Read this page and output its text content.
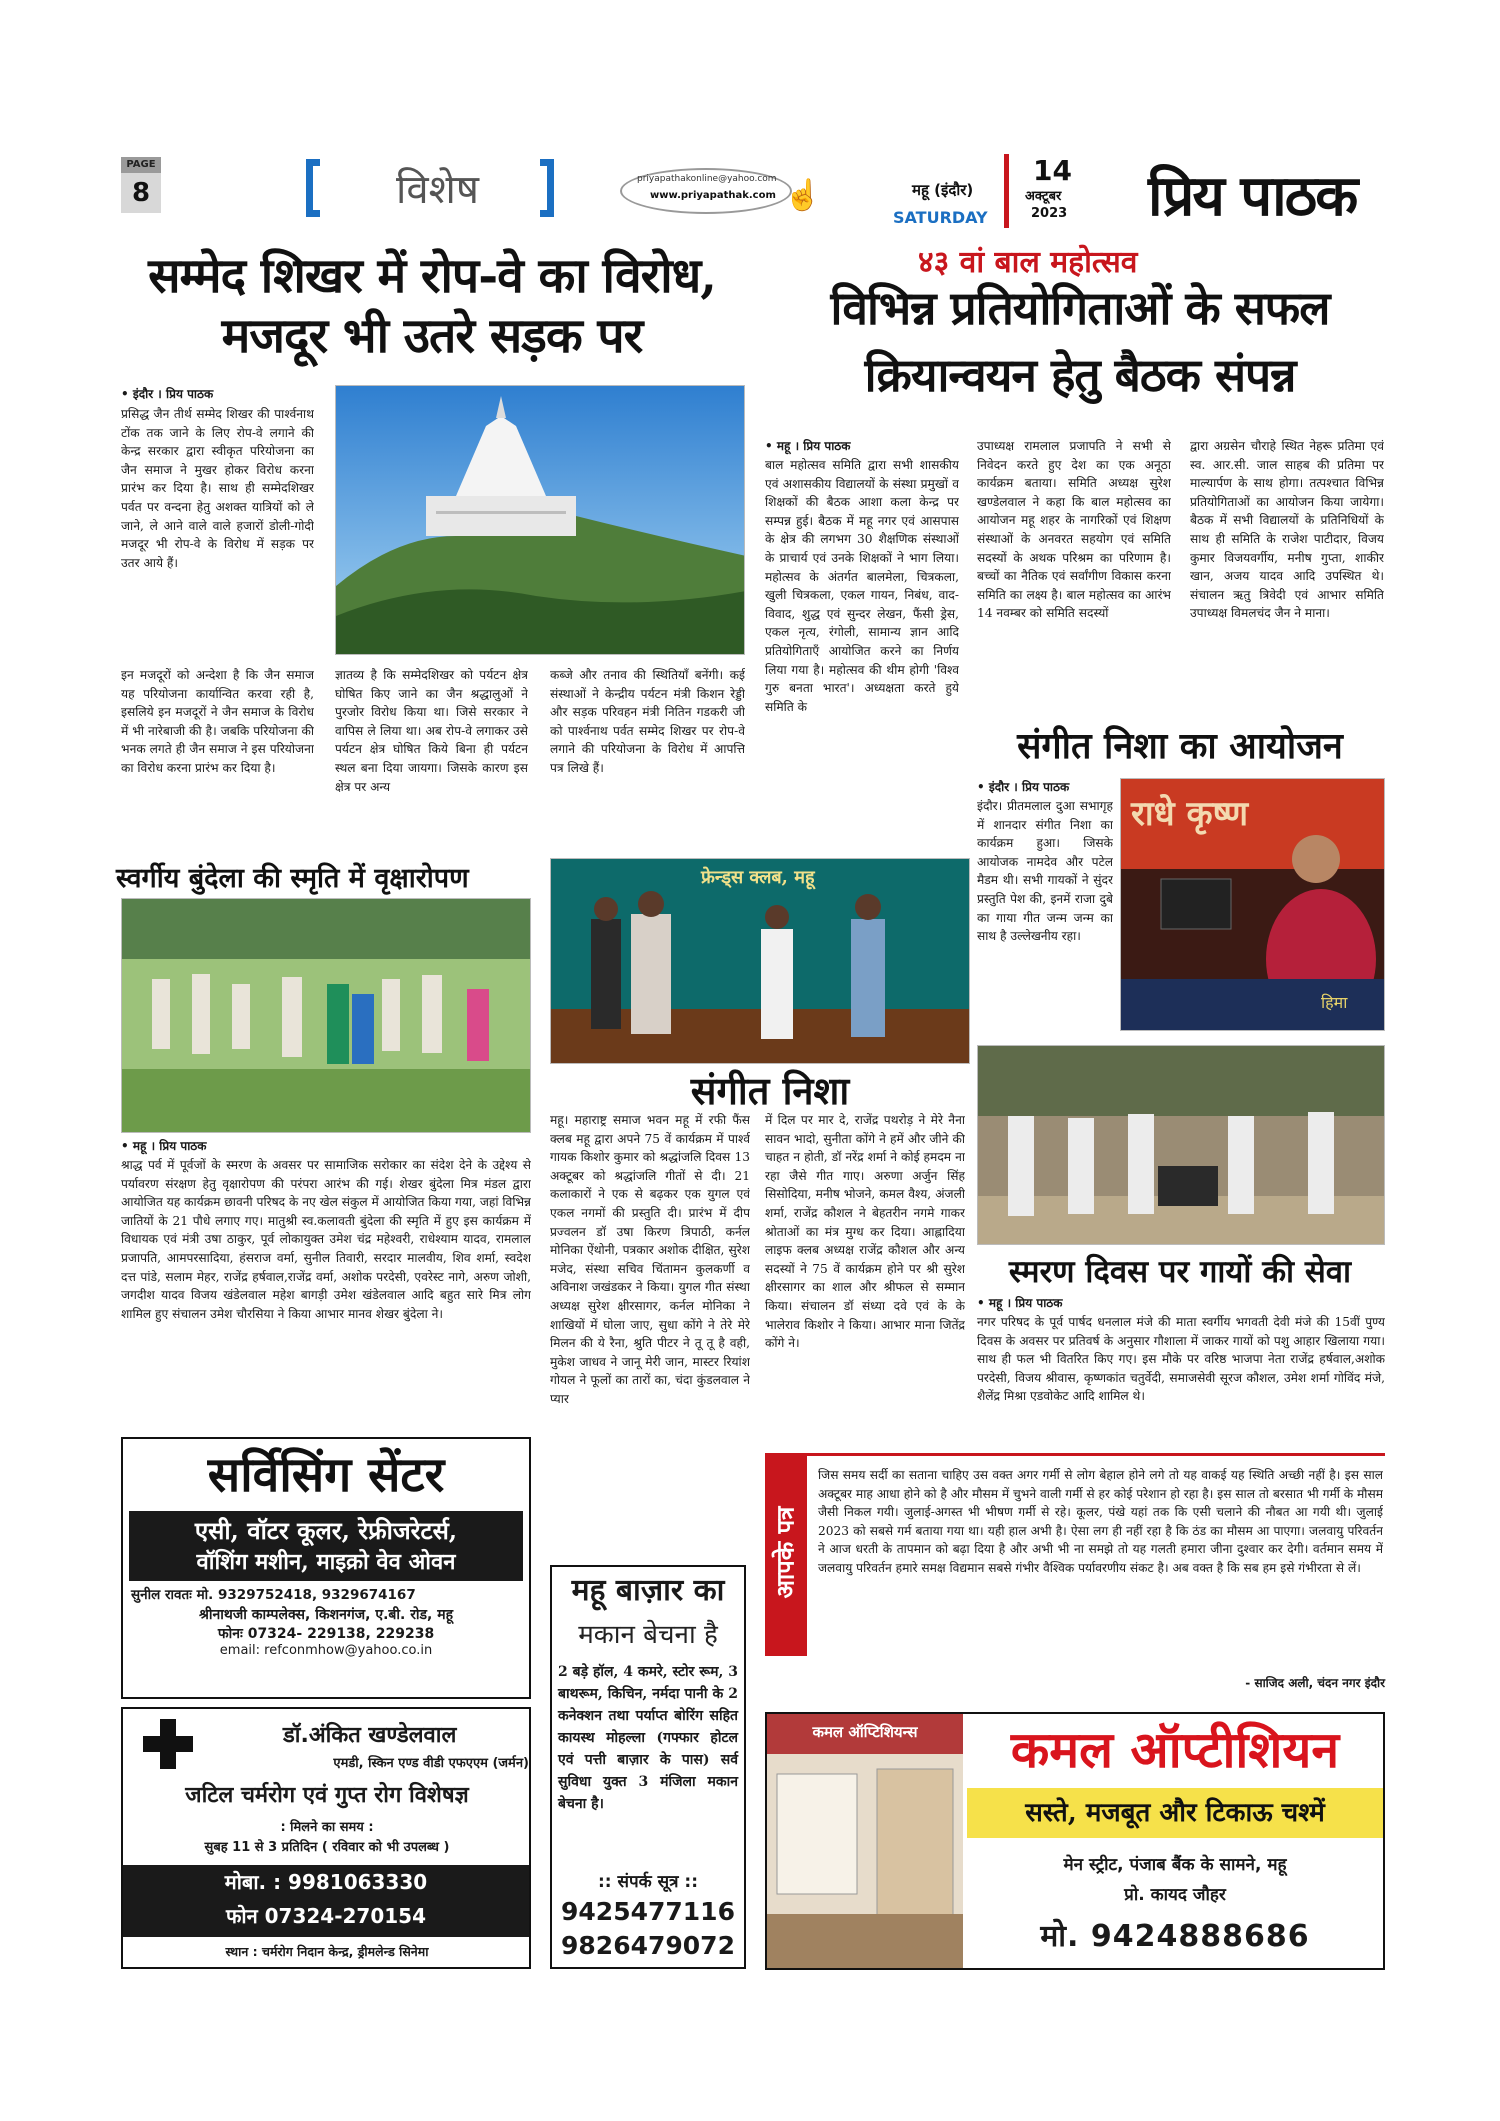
PAGE
8	विशेष	priyapathakonline@yahoo.com
www.priyapathak.com ☝	महू (इंदौर)
SATURDAY
14
अक्टूबर
2023 प्रिय पाठक
सम्मेद शिखर में रोप-वे का विरोध,
मजदूर भी उतरे सड़क पर
• इंदौर । प्रिय पाठक
प्रसिद्ध जैन तीर्थ सम्मेद शिखर की पार्श्वनाथ टोंक तक जाने के लिए रोप-वे लगाने की केन्द्र सरकार द्वारा स्वीकृत परियोजना का जैन समाज ने मुखर होकर विरोध करना प्रारंभ कर दिया है। साथ ही सम्मेदशिखर पर्वत पर वन्दना हेतु अशक्त यात्रियों को ले जाने, ले आने वाले वाले हजारों डोली-गोदी मजदूर भी रोप-वे के विरोध में सड़क पर उतर आये हैं।
इन मजदूरों को अन्देशा है कि जैन समाज यह परियोजना कार्यान्वित करवा रही है, इसलिये इन मजदूरों ने जैन समाज के विरोध में भी नारेबाजी की है। जबकि परियोजना की भनक लगते ही जैन समाज ने इस परियोजना का विरोध करना प्रारंभ कर दिया है।
ज्ञातव्य है कि सम्मेदशिखर को पर्यटन क्षेत्र घोषित किए जाने का जैन श्रद्धालुओं ने पुरजोर विरोध किया था। जिसे सरकार ने वापिस ले लिया था। अब रोप-वे लगाकर उसे पर्यटन क्षेत्र घोषित किये बिना ही पर्यटन स्थल बना दिया जायगा। जिसके कारण इस क्षेत्र पर अन्य
कब्जे और तनाव की स्थितियाँ बनेंगी। कई संस्थाओं ने केन्द्रीय पर्यटन मंत्री किशन रेड्डी और सड़क परिवहन मंत्री नितिन गडकरी जी को पार्श्वनाथ पर्वत सम्मेद शिखर पर रोप-वे लगाने की परियोजना के विरोध में आपत्ति पत्र लिखे हैं।
४३ वां बाल महोत्सव
विभिन्न प्रतियोगिताओं के सफल
क्रियान्वयन हेतु बैठक संपन्न
• महू । प्रिय पाठक
बाल महोत्सव समिति द्वारा सभी शासकीय एवं अशासकीय विद्यालयों के संस्था प्रमुखों व शिक्षकों की बैठक आशा कला केन्द्र पर सम्पन्न हुई। बैठक में महू नगर एवं आसपास के क्षेत्र की लगभग 30 शैक्षणिक संस्थाओं के प्राचार्य एवं उनके शिक्षकों ने भाग लिया। महोत्सव के अंतर्गत बालमेला, चित्रकला, खुली चित्रकला, एकल गायन, निबंध, वाद-विवाद, शुद्ध एवं सुन्दर लेखन, फैंसी ड्रेस, एकल नृत्य, रंगोली, सामान्य ज्ञान आदि प्रतियोगिताएँ आयोजित करने का निर्णय लिया गया है। महोत्सव की थीम होगी 'विश्व गुरु बनता भारत'। अध्यक्षता करते हुये समिति के
उपाध्यक्ष रामलाल प्रजापति ने सभी से निवेदन करते हुए देश का एक अनूठा कार्यक्रम बताया। समिति अध्यक्ष सुरेश खण्डेलवाल ने कहा कि बाल महोत्सव का आयोजन महू शहर के नागरिकों एवं शिक्षण संस्थाओं के अनवरत सहयोग एवं समिति सदस्यों के अथक परिश्रम का परिणाम है। बच्चों का नैतिक एवं सर्वांगीण विकास करना समिति का लक्ष्य है। बाल महोत्सव का आरंभ 14 नवम्बर को समिति सदस्यों
द्वारा अग्रसेन चौराहे स्थित नेहरू प्रतिमा एवं स्व. आर.सी. जाल साहब की प्रतिमा पर माल्यार्पण के साथ होगा। तत्पश्चात विभिन्न प्रतियोगिताओं का आयोजन किया जायेगा। बैठक में सभी विद्यालयों के प्रतिनिधियों के साथ ही समिति के राजेश पाटीदार, विजय कुमार विजयवर्गीय, मनीष गुप्ता, शाकीर खान, अजय यादव आदि उपस्थित थे। संचालन ऋतु त्रिवेदी एवं आभार समिति उपाध्यक्ष विमलचंद जैन ने माना।
संगीत निशा का आयोजन
• इंदौर । प्रिय पाठक
इंदौर। प्रीतमलाल दुआ सभागृह में शानदार संगीत निशा का कार्यक्रम हुआ। जिसके आयोजक नामदेव और पटेल मैडम थी। सभी गायकों ने सुंदर प्रस्तुति पेश की, इनमें राजा दुबे का गाया गीत जन्म जन्म का साथ है उल्लेखनीय रहा।
राधे कृष्ण
हिमा
स्वर्गीय बुंदेला की स्मृति में वृक्षारोपण
• महू । प्रिय पाठक
श्राद्ध पर्व में पूर्वजों के स्मरण के अवसर पर सामाजिक सरोकार का संदेश देने के उद्देश्य से पर्यावरण संरक्षण हेतु वृक्षारोपण की परंपरा आरंभ की गई। शेखर बुंदेला मित्र मंडल द्वारा आयोजित यह कार्यक्रम छावनी परिषद के नए खेल संकुल में आयोजित किया गया, जहां विभिन्न जातियों के 21 पौधे लगाए गए। मातुश्री स्व.कलावती बुंदेला की स्मृति में हुए इस कार्यक्रम में विधायक एवं मंत्री उषा ठाकुर, पूर्व लोकायुक्त उमेश चंद्र महेश्वरी, राधेश्याम यादव, रामलाल प्रजापति, आमपरसादिया, हंसराज वर्मा, सुनील तिवारी, सरदार मालवीय, शिव शर्मा, स्वदेश दत्त पांडे, सलाम मेहर, राजेंद्र हर्षवाल,राजेंद्र वर्मा, अशोक परदेसी, एवरेस्ट नागे, अरुण जोशी, जगदीश यादव विजय खंडेलवाल महेश बागड़ी उमेश खंडेलवाल आदि बहुत सारे मित्र लोग शामिल हुए संचालन उमेश चौरसिया ने किया आभार मानव शेखर बुंदेला ने।
फ्रेन्ड्स क्लब, महू
संगीत निशा
महू। महाराष्ट्र समाज भवन महू में रफी फैंस क्लब महू द्वारा अपने 75 वें कार्यक्रम में पार्श्व गायक किशोर कुमार को श्रद्धांजलि दिवस 13 अक्टूबर को श्रद्धांजलि गीतों से दी। 21 कलाकारों ने एक से बढ़कर एक युगल एवं एकल नगमों की प्रस्तुति दी। प्रारंभ में दीप प्रज्वलन डॉ उषा किरण त्रिपाठी, कर्नल मोनिका ऐंथोनी, पत्रकार अशोक दीक्षित, सुरेश मजेद, संस्था सचिव चिंतामन कुलकर्णी व अविनाश जखंडकर ने किया। युगल गीत संस्था अध्यक्ष सुरेश क्षीरसागर, कर्नल मोनिका ने शाखियों में घोला जाए, सुधा कोंगे ने तेरे मेरे मिलन की ये रैना, श्रुति पीटर ने तू तू है वही, मुकेश जाधव ने जानू मेरी जान, मास्टर रियांश गोयल ने फूलों का तारों का, चंदा कुंडलवाल ने प्यार
में दिल पर मार दे, राजेंद्र पथरोड़ ने मेरे नैना सावन भादो, सुनीता कोंगे ने हमें और जीने की चाहत न होती, डॉ नरेंद्र शर्मा ने कोई हमदम ना रहा जैसे गीत गाए। अरुणा अर्जुन सिंह सिसोदिया, मनीष भोजने, कमल वैश्य, अंजली शर्मा, राजेंद्र कौशल ने बेहतरीन नगमे गाकर श्रोताओं का मंत्र मुग्ध कर दिया। आह्लादिया लाइफ क्लब अध्यक्ष राजेंद्र कौशल और अन्य सदस्यों ने 75 वें कार्यक्रम होने पर श्री सुरेश क्षीरसागर का शाल और श्रीफल से सम्मान किया। संचालन डॉ संध्या दवे एवं के के भालेराव किशोर ने किया। आभार माना जितेंद्र कोंगे ने।
स्मरण दिवस पर गायों की सेवा
• महू । प्रिय पाठक
नगर परिषद के पूर्व पार्षद धनलाल मंजे की माता स्वर्गीय भगवती देवी मंजे की 15वीं पुण्य दिवस के अवसर पर प्रतिवर्ष के अनुसार गौशाला में जाकर गायों को पशु आहार खिलाया गया। साथ ही फल भी वितरित किए गए। इस मौके पर वरिष्ठ भाजपा नेता राजेंद्र हर्षवाल,अशोक परदेसी, विजय श्रीवास, कृष्णकांत चतुर्वेदी, समाजसेवी सूरज कौशल, उमेश शर्मा गोविंद मंजे, शैलेंद्र मिश्रा एडवोकेट आदि शामिल थे।
आपके पत्र
जिस समय सर्दी का सताना चाहिए उस वक्त अगर गर्मी से लोग बेहाल होने लगे तो यह वाकई यह स्थिति अच्छी नहीं है। इस साल अक्टूबर माह आधा होने को है और मौसम में चुभने वाली गर्मी से हर कोई परेशान हो रहा है। इस साल तो बरसात भी गर्मी के मौसम जैसी निकल गयी। जुलाई-अगस्त भी भीषण गर्मी से रहे। कूलर, पंखे यहां तक कि एसी चलाने की नौबत आ गयी थी। जुलाई 2023 को सबसे गर्म बताया गया था। यही हाल अभी है। ऐसा लग ही नहीं रहा है कि ठंड का मौसम आ पाएगा। जलवायु परिवर्तन ने आज धरती के तापमान को बढ़ा दिया है और अभी भी ना समझे तो यह गलती हमारा जीना दुश्वार कर देगी। वर्तमान समय में जलवायु परिवर्तन हमारे समक्ष विद्यमान सबसे गंभीर वैश्विक पर्यावरणीय संकट है। अब वक्त है कि सब हम इसे गंभीरता से लें।
- साजिद अली, चंदन नगर इंदौर
सर्विसिंग सेंटर
एसी, वॉटर कूलर, रेफ्रीजरेटर्स,
वॉशिंग मशीन, माइक्रो वेव ओवन
सुनील रावतः मो. 9329752418, 9329674167
श्रीनाथजी काम्पलेक्स, किशनगंज, ए.बी. रोड, महू
फोनः 07324- 229138, 229238
email: refconmhow@yahoo.co.in
डॉ.अंकित खण्डेलवाल
एमडी, स्किन एण्ड वीडी एफएएम (जर्मन)
जटिल चर्मरोग एवं गुप्त रोग विशेषज्ञ
: मिलने का समय :
सुबह 11 से 3 प्रतिदिन ( रविवार को भी उपलब्ध )
मोबा. : 9981063330
फोन 07324-270154
स्थान : चर्मरोग निदान केन्द्र, ड्रीमलेन्ड सिनेमा
महू बाज़ार का
मकान बेचना है
2 बड़े हॉल, 4 कमरे, स्टोर रूम, 3 बाथरूम, किचिन, नर्मदा पानी के 2 कनेक्शन तथा पर्याप्त बोरिंग सहित कायस्थ मोहल्ला (गफ्फार होटल एवं पत्ती बाज़ार के पास) सर्व सुविधा युक्त 3 मंजिला मकान बेचना है।
:: संपर्क सूत्र ::
9425477116
9826479072
कमल ऑप्टिशियन्स	कमल ऑप्टीशियन
सस्ते, मजबूत और टिकाऊ चश्में
मेन स्ट्रीट, पंजाब बैंक के सामने, महू
प्रो. कायद जौहर
मो. 9424888686
